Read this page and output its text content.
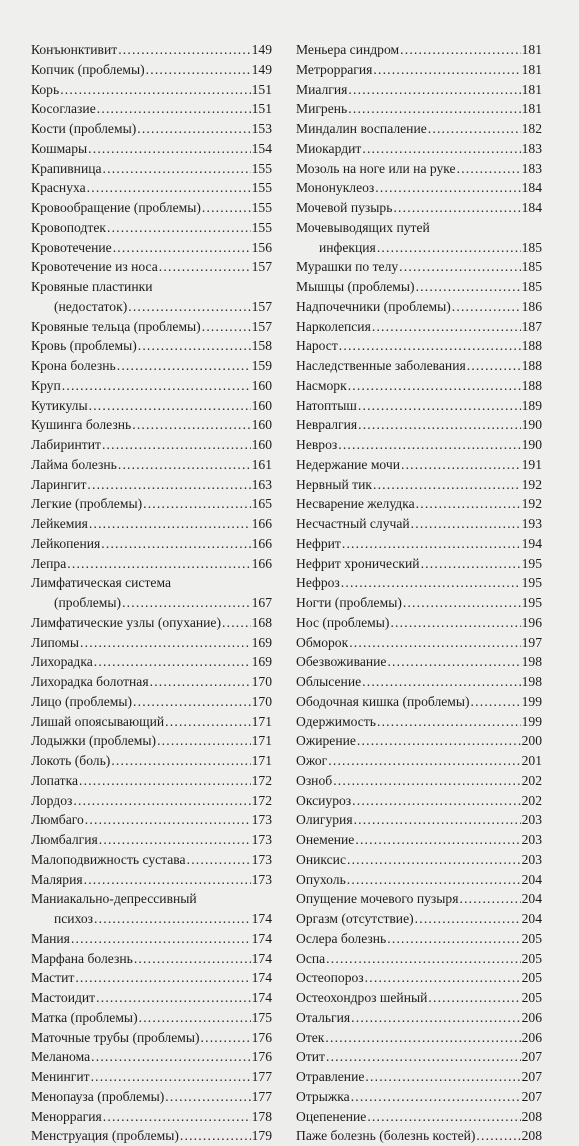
Конъюнктивит .....	149
Копчик (проблемы) .....	149
Корь .....	151
Косоглазие .....	151
Кости (проблемы) .....	153
Кошмары .....	154
Крапивница .....	155
Краснуха .....	155
Кровообращение (проблемы) .....	155
Кровоподтек .....	155
Кровотечение .....	156
Кровотечение из носа .....	157
Кровяные пластинки
(недостаток) .....	157
Кровяные тельца (проблемы) .....	157
Кровь (проблемы) .....	158
Крона болезнь .....	159
Круп .....	160
Кутикулы .....	160
Кушинга болезнь .....	160
Лабиринтит .....	160
Лайма болезнь .....	161
Ларингит .....	163
Легкие (проблемы) .....	165
Лейкемия .....	166
Лейкопения .....	166
Лепра .....	166
Лимфатическая система
(проблемы) .....	167
Лимфатические узлы (опухание) ..... 168
Липомы .....	169
Лихорадка .....	169
Лихорадка болотная .....	170
Лицо (проблемы) .....	170
Лишай опоясывающий .....	171
Лодыжки (проблемы) .....	171
Локоть (боль) .....	171
Лопатка .....	172
Лордоз .....	172
Люмбаго .....	173
Люмбалгия .....	173
Малоподвижность сустава .....	173
Малярия .....	173
Маниакально-депрессивный
психоз .....	174
Мания .....	174
Марфана болезнь .....	174
Мастит .....	174
Мастоидит .....	174
Матка (проблемы) .....	175
Маточные трубы (проблемы) .....	176
Меланома .....	176
Менингит .....	177
Менопауза (проблемы) .....	177
Меноррагия .....	178
Менструация (проблемы) .....	179
Меньера синдром .....	181
Метроррагия .....	181
Миалгия .....	181
Мигрень .....	181
Миндалин воспаление .....	182
Миокардит .....	183
Мозоль на ноге или на руке .....	183
Мононуклеоз .....	184
Мочевой пузырь .....	184
Мочевыводящих путей
инфекция .....	185
Мурашки по телу .....	185
Мышцы (проблемы) .....	185
Надпочечники (проблемы) .....	186
Нарколепсия .....	187
Нарост .....	188
Наследственные заболевания .....	188
Насморк .....	188
Натоптыш .....	189
Невралгия .....	190
Невроз .....	190
Недержание мочи .....	191
Нервный тик .....	192
Несварение желудка .....	192
Несчастный случай .....	193
Нефрит .....	194
Нефрит хронический .....	195
Нефроз .....	195
Ногти (проблемы) .....	195
Нос (проблемы) .....	196
Обморок .....	197
Обезвоживание .....	198
Облысение .....	198
Ободочная кишка (проблемы) .....	199
Одержимость .....	199
Ожирение .....	200
Ожог .....	201
Озноб .....	202
Оксиуроз .....	202
Олигурия .....	203
Онемение .....	203
Ониксис .....	203
Опухоль .....	204
Опущение мочевого пузыря .....	204
Оргазм (отсутствие) .....	204
Ослера болезнь .....	205
Оспа .....	205
Остеопороз .....	205
Остеохондроз шейный .....	205
Отальгия .....	206
Отек .....	206
Отит .....	207
Отравление .....	207
Отрыжка .....	207
Оцепенение .....	208
Паже болезнь (болезнь костей) .....	208
